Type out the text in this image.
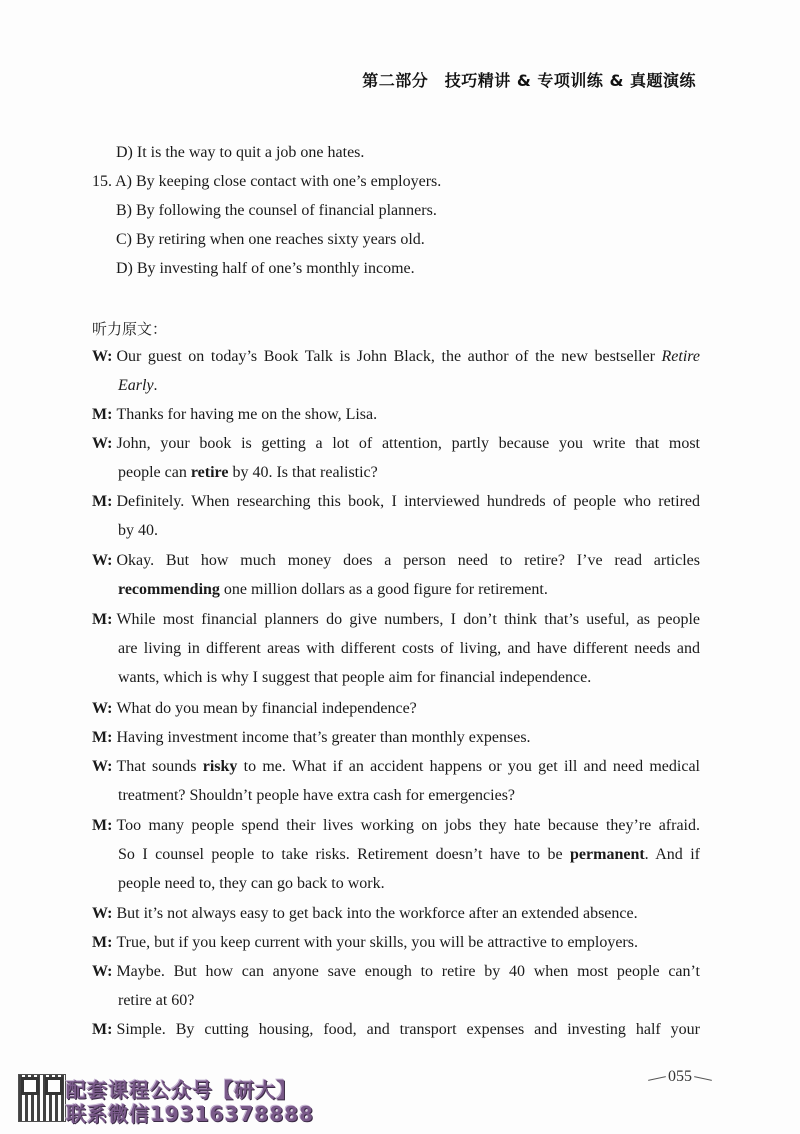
第二部分　技巧精讲 & 专项训练 & 真题演练
D) It is the way to quit a job one hates.
15. A) By keeping close contact with one’s employers.
B) By following the counsel of financial planners.
C) By retiring when one reaches sixty years old.
D) By investing half of one’s monthly income.
听力原文：
W: Our guest on today’s Book Talk is John Black, the author of the new bestseller Retire
Early.
M: Thanks for having me on the show, Lisa.
W: John, your book is getting a lot of attention, partly because you write that most
people can retire by 40. Is that realistic?
M: Definitely. When researching this book, I interviewed hundreds of people who retired
by 40.
W: Okay. But how much money does a person need to retire? I’ve read articles
recommending one million dollars as a good figure for retirement.
M: While most financial planners do give numbers, I don’t think that’s useful, as people
are living in different areas with different costs of living, and have different needs and
wants, which is why I suggest that people aim for financial independence.
W: What do you mean by financial independence?
M: Having investment income that’s greater than monthly expenses.
W: That sounds risky to me. What if an accident happens or you get ill and need medical
treatment? Shouldn’t people have extra cash for emergencies?
M: Too many people spend their lives working on jobs they hate because they’re afraid.
So I counsel people to take risks. Retirement doesn’t have to be permanent. And if
people need to, they can go back to work.
W: But it’s not always easy to get back into the workforce after an extended absence.
M: True, but if you keep current with your skills, you will be attractive to employers.
W: Maybe. But how can anyone save enough to retire by 40 when most people can’t
retire at 60?
M: Simple. By cutting housing, food, and transport expenses and investing half your
配套课程公众号【研大】
联系微信19316378888
055
